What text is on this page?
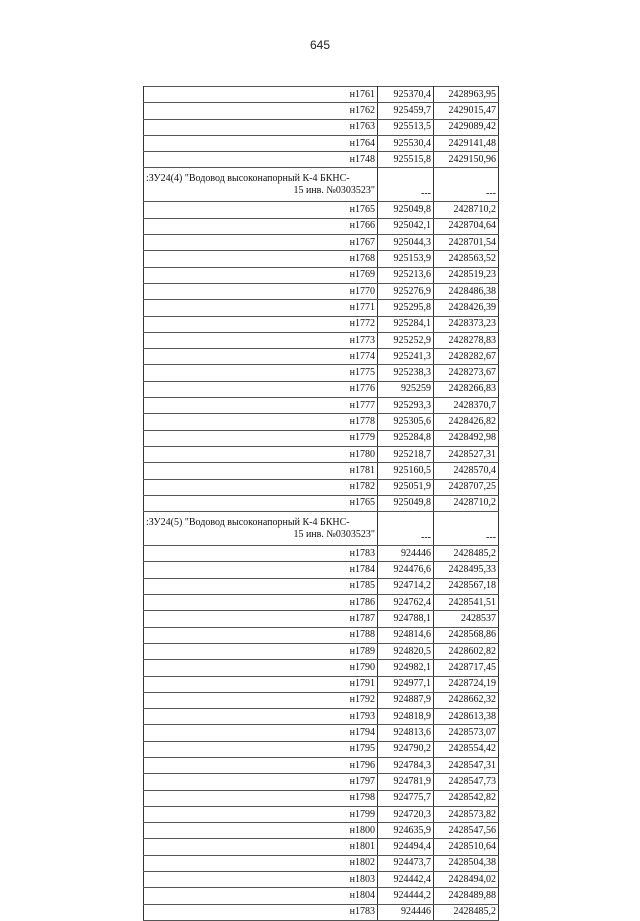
645
н1761	925370,4	2428963,95
н1762	925459,7	2429015,47
н1763	925513,5	2429089,42
н1764	925530,4	2429141,48
н1748	925515,8	2429150,96

:ЗУ24(4) "Водовод высоконапорный К-4 БКНС-
15 инв. №0303523"	---	---
н1765	925049,8	2428710,2
н1766	925042,1	2428704,64
н1767	925044,3	2428701,54
н1768	925153,9	2428563,52
н1769	925213,6	2428519,23
н1770	925276,9	2428486,38
н1771	925295,8	2428426,39
н1772	925284,1	2428373,23
н1773	925252,9	2428278,83
н1774	925241,3	2428282,67
н1775	925238,3	2428273,67
н1776	925259	2428266,83
н1777	925293,3	2428370,7
н1778	925305,6	2428426,82
н1779	925284,8	2428492,98
н1780	925218,7	2428527,31
н1781	925160,5	2428570,4
н1782	925051,9	2428707,25
н1765	925049,8	2428710,2

:ЗУ24(5) "Водовод высоконапорный К-4 БКНС-
15 инв. №0303523"	---	---
н1783	924446	2428485,2
н1784	924476,6	2428495,33
н1785	924714,2	2428567,18
н1786	924762,4	2428541,51
н1787	924788,1	2428537
н1788	924814,6	2428568,86
н1789	924820,5	2428602,82
н1790	924982,1	2428717,45
н1791	924977,1	2428724,19
н1792	924887,9	2428662,32
н1793	924818,9	2428613,38
н1794	924813,6	2428573,07
н1795	924790,2	2428554,42
н1796	924784,3	2428547,31
н1797	924781,9	2428547,73
н1798	924775,7	2428542,82
н1799	924720,3	2428573,82
н1800	924635,9	2428547,56
н1801	924494,4	2428510,64
н1802	924473,7	2428504,38
н1803	924442,4	2428494,02
н1804	924444,2	2428489,88
н1783	924446	2428485,2
